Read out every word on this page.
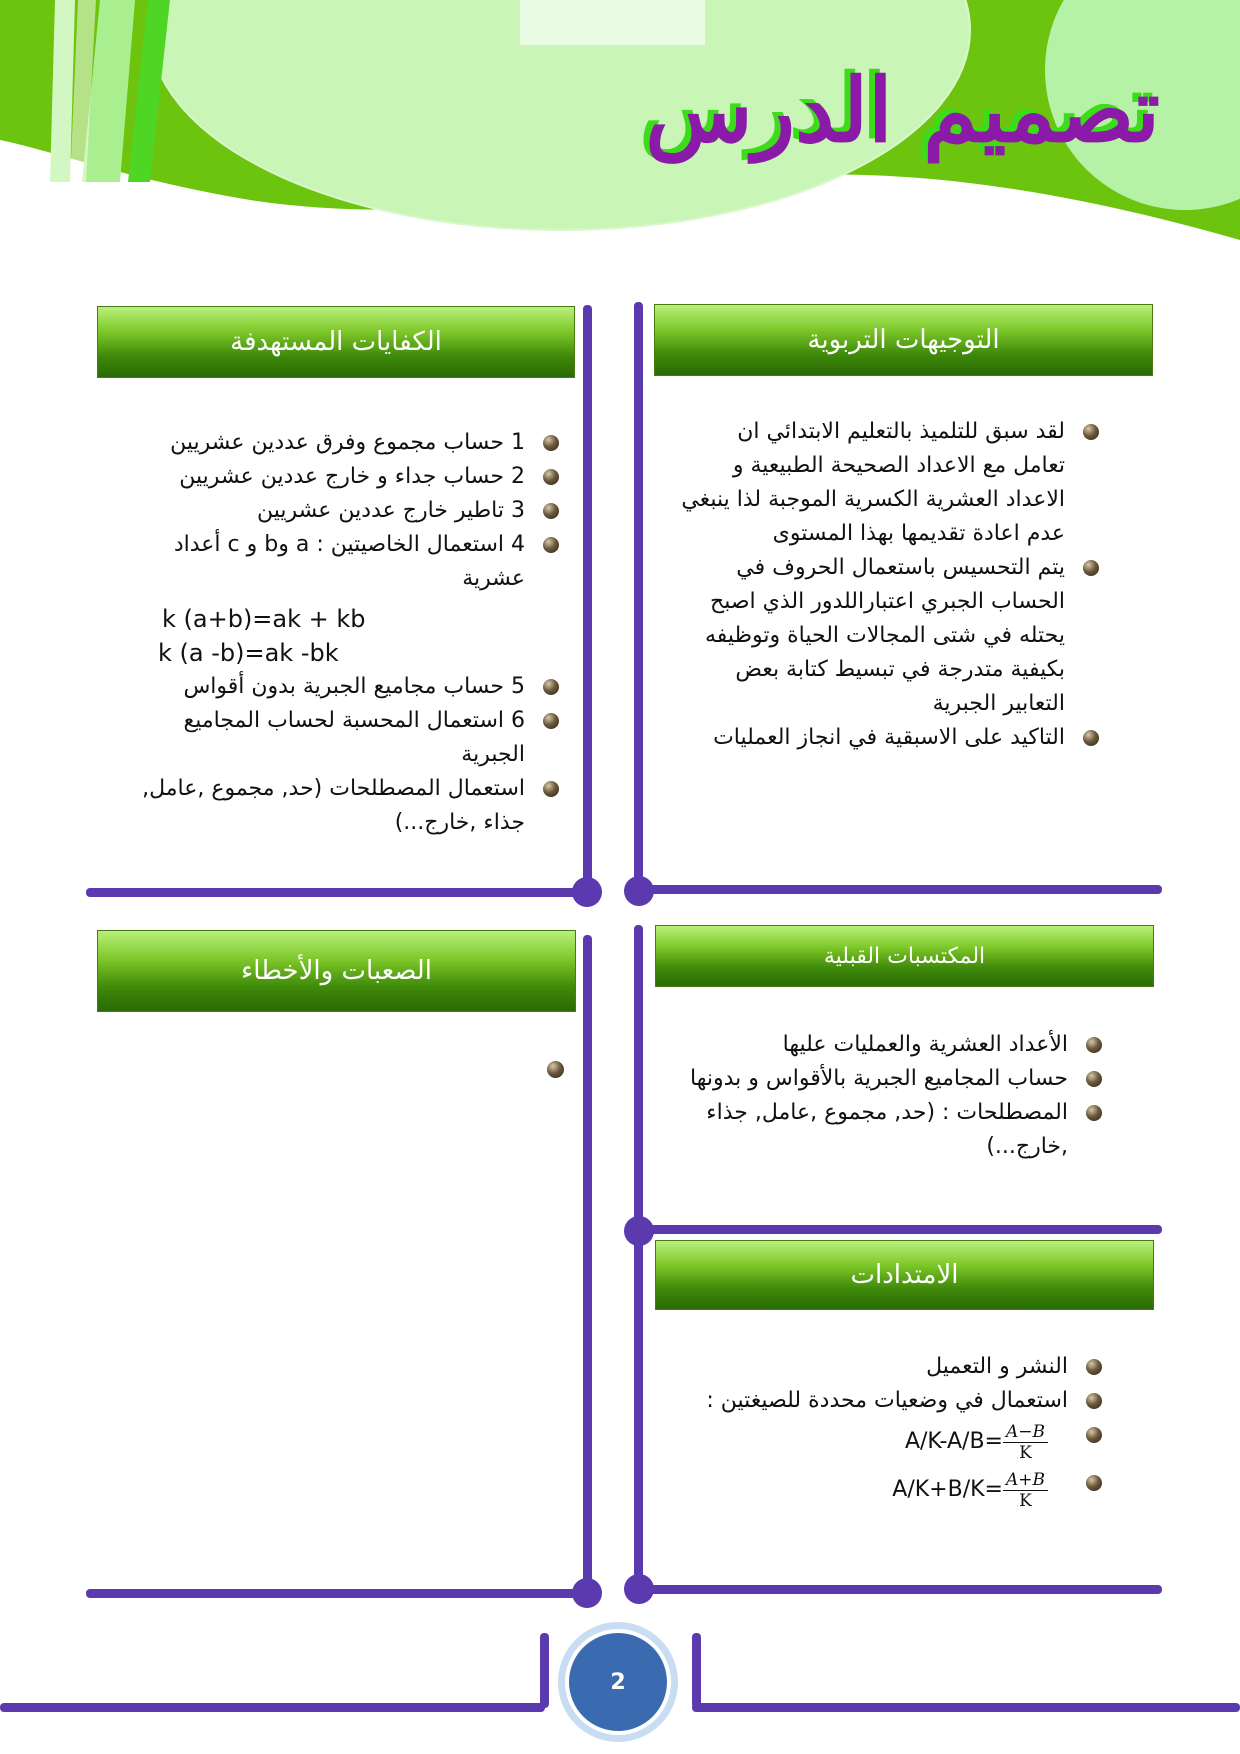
تصميم الدرس
2
التوجيهات التربوية
لقد سبق للتلميذ بالتعليم الابتدائي ان تعامل مع الاعداد الصحيحة الطبيعية و الاعداد العشرية الكسرية الموجبة لذا ينبغي عدم اعادة تقديمها بهذا المستوى
يتم التحسيس باستعمال الحروف في الحساب الجبري اعتباراللدور الذي اصبح يحتله في شتى المجالات الحياة وتوظيفه بكيفية متدرجة في تبسيط كتابة بعض التعابير الجبرية
التاكيد على الاسبقية في انجاز العمليات
الكفايات المستهدفة
1 حساب مجموع وفرق عددين عشريين
2 حساب جداء و خارج عددين عشريين
3 تاطير خارج عددين عشريين
4 استعمال الخاصيتين : a وb و c أعداد عشرية
k (a+b)=ak + kb
k (a -b)=ak -bk
5 حساب مجاميع الجبرية بدون أقواس
6 استعمال المحسبة لحساب المجاميع الجبرية
استعمال المصطلحات (حد, مجموع ,عامل, جذاء ,خارج...)
المكتسبات القبلية
الأعداد العشرية والعمليات عليها
حساب المجاميع الجبرية بالأقواس و بدونها
المصطلحات : (حد, مجموع ,عامل, جذاء ,خارج...)
الصعبات والأخطاء
الامتدادات
النشر و التعميل
استعمال في وضعيات محددة للصيغتين :
$\frac{A-B}{K}$
=A/K-A/B
$\frac{A+B}{K}$
=A/K+B/K
